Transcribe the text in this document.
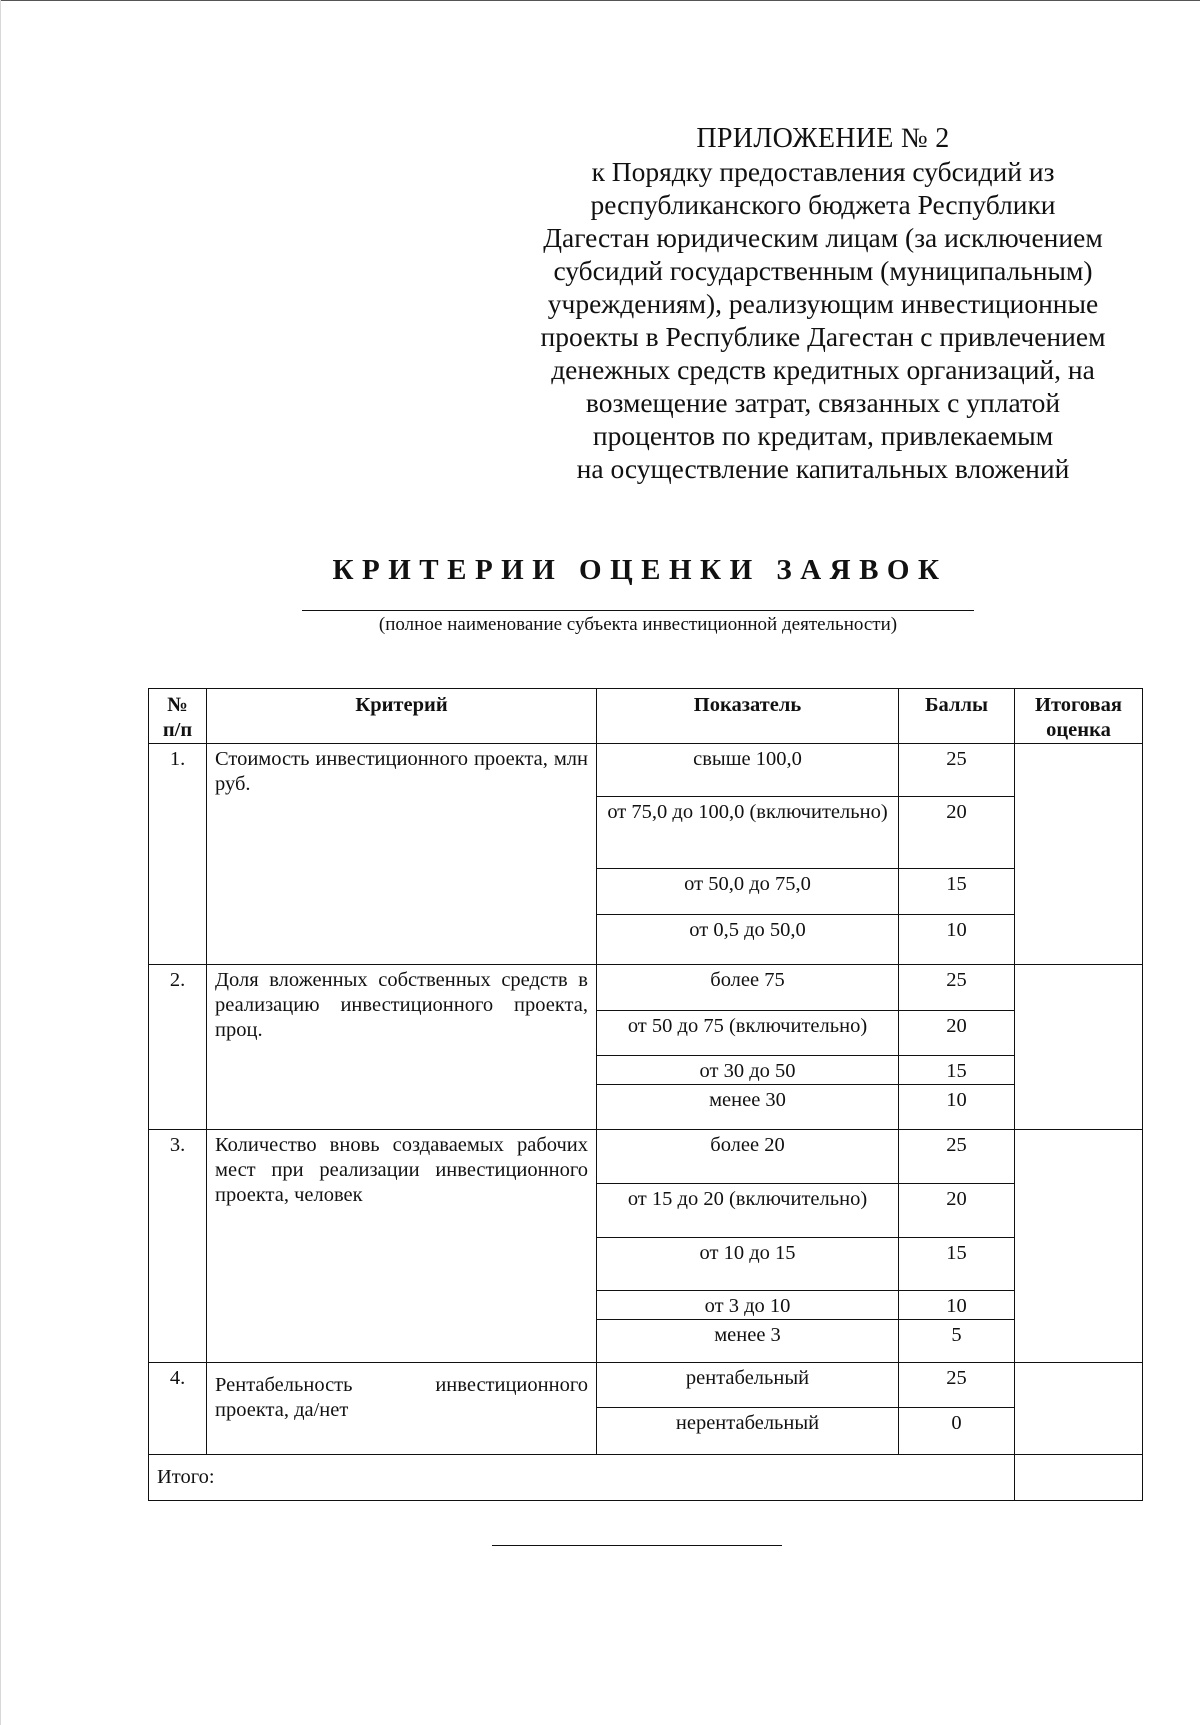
ПРИЛОЖЕНИЕ № 2
к Порядку предоставления субсидий из
республиканского бюджета Республики
Дагестан юридическим лицам (за исключением
субсидий государственным (муниципальным)
учреждениям), реализующим инвестиционные
проекты в Республике Дагестан с привлечением
денежных средств кредитных организаций, на
возмещение затрат, связанных с уплатой
процентов по кредитам, привлекаемым
на осуществление капитальных вложений
КРИТЕРИИ ОЦЕНКИ ЗАЯВОК
(полное наименование субъекта инвестиционной деятельности)
№ п/п	Критерий	Показатель	Баллы	Итоговая оценка
1.	Стоимость инвестиционного проекта, млн руб.	свыше 100,0	25	
		от 75,0 до 100,0 (включительно)	20	
		от 50,0 до 75,0	15	
		от 0,5 до 50,0	10	
2.	Доля вложенных собственных средств в реализацию инвестиционного проекта, проц.	более 75	25	
		от 50 до 75 (включительно)	20	
		от 30 до 50	15	
		менее 30	10	
3.	Количество вновь создаваемых рабочих мест при реализации инвестиционного проекта, человек	более 20	25	
		от 15 до 20 (включительно)	20	
		от 10 до 15	15	
		от 3 до 10	10	
		менее 3	5	
4.	Рентабельность инвестиционного проекта, да/нет	рентабельный	25	
		нерентабельный	0	
Итого:				
